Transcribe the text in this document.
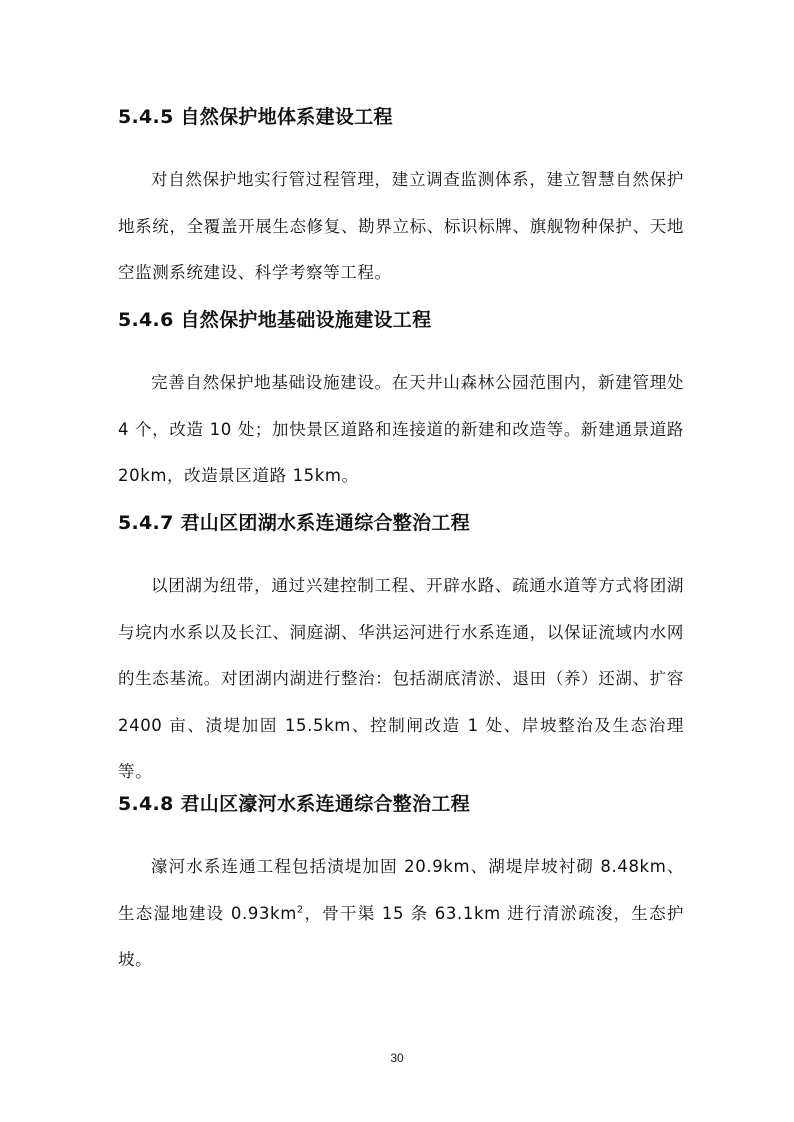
5.4.5 自然保护地体系建设工程

对自然保护地实行管过程管理，建立调查监测体系，建立智慧自然保护地系统，全覆盖开展生态修复、勘界立标、标识标牌、旗舰物种保护、天地空监测系统建设、科学考察等工程。

5.4.6 自然保护地基础设施建设工程

完善自然保护地基础设施建设。在天井山森林公园范围内，新建管理处 4 个，改造 10 处；加快景区道路和连接道的新建和改造等。新建通景道路 20km，改造景区道路 15km。

5.4.7 君山区团湖水系连通综合整治工程

以团湖为纽带，通过兴建控制工程、开辟水路、疏通水道等方式将团湖与垸内水系以及长江、洞庭湖、华洪运河进行水系连通，以保证流域内水网的生态基流。对团湖内湖进行整治：包括湖底清淤、退田（养）还湖、扩容 2400 亩、渍堤加固 15.5km、控制闸改造 1 处、岸坡整治及生态治理等。

5.4.8 君山区濠河水系连通综合整治工程

濠河水系连通工程包括渍堤加固 20.9km、湖堤岸坡衬砌 8.48km、生态湿地建设 $0.93km^2$，骨干渠 15 条 63.1km 进行清淤疏浚，生态护坡。

30
